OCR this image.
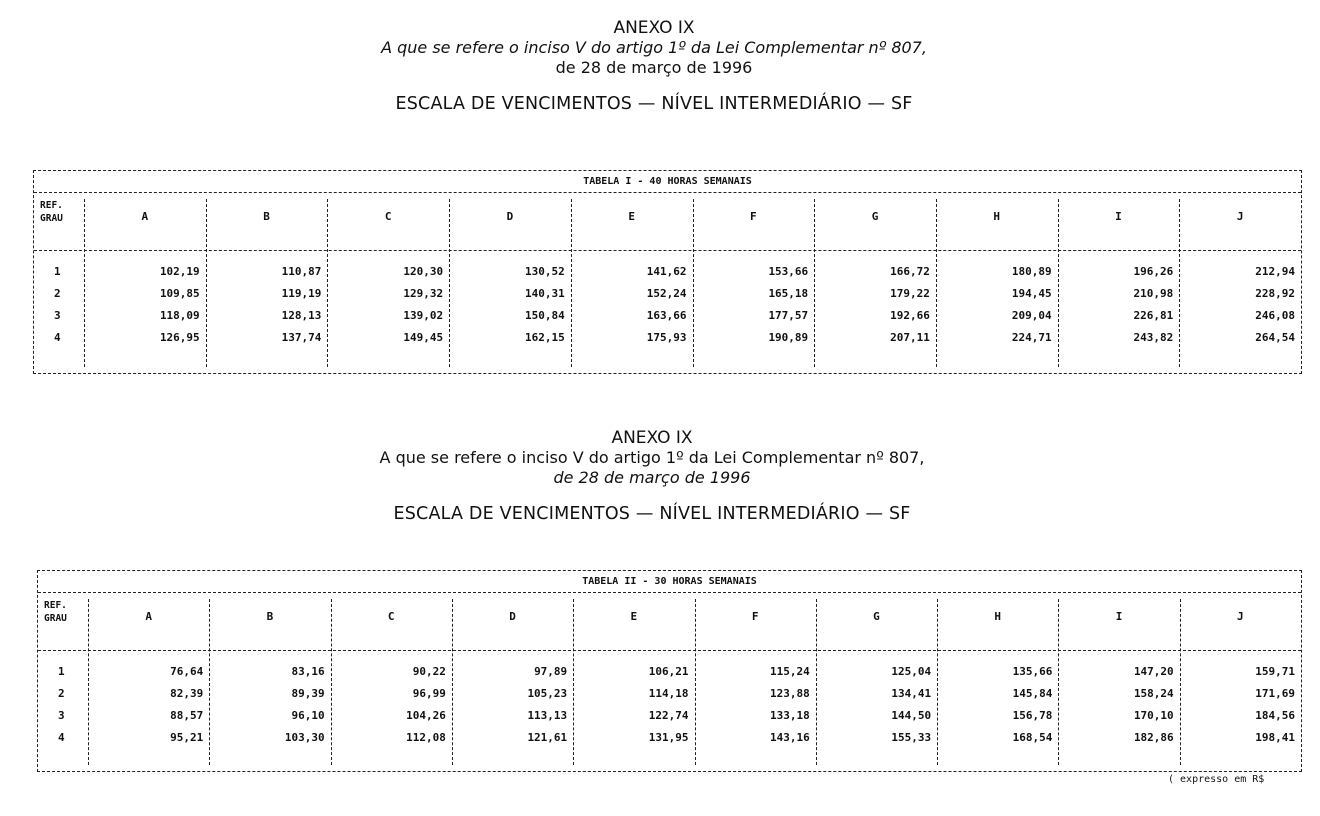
ANEXO IX
A que se refere o inciso V do artigo 1º da Lei Complementar nº 807,
de 28 de março de 1996
ESCALA DE VENCIMENTOS — NÍVEL INTERMEDIÁRIO — SF
TABELA I - 40 HORAS SEMANAIS
REF.
GRAU	A	B	C	D	E	F	G	H	I	J
1	102,19	110,87	120,30	130,52	141,62	153,66	166,72	180,89	196,26	212,94
2	109,85	119,19	129,32	140,31	152,24	165,18	179,22	194,45	210,98	228,92
3	118,09	128,13	139,02	150,84	163,66	177,57	192,66	209,04	226,81	246,08
4	126,95	137,74	149,45	162,15	175,93	190,89	207,11	224,71	243,82	264,54
ANEXO IX
A que se refere o inciso V do artigo 1º da Lei Complementar nº 807,
de 28 de março de 1996
ESCALA DE VENCIMENTOS — NÍVEL INTERMEDIÁRIO — SF
TABELA II - 30 HORAS SEMANAIS
REF.
GRAU	A	B	C	D	E	F	G	H	I	J
1	76,64	83,16	90,22	97,89	106,21	115,24	125,04	135,66	147,20	159,71
2	82,39	89,39	96,99	105,23	114,18	123,88	134,41	145,84	158,24	171,69
3	88,57	96,10	104,26	113,13	122,74	133,18	144,50	156,78	170,10	184,56
4	95,21	103,30	112,08	121,61	131,95	143,16	155,33	168,54	182,86	198,41
( expresso em R$
